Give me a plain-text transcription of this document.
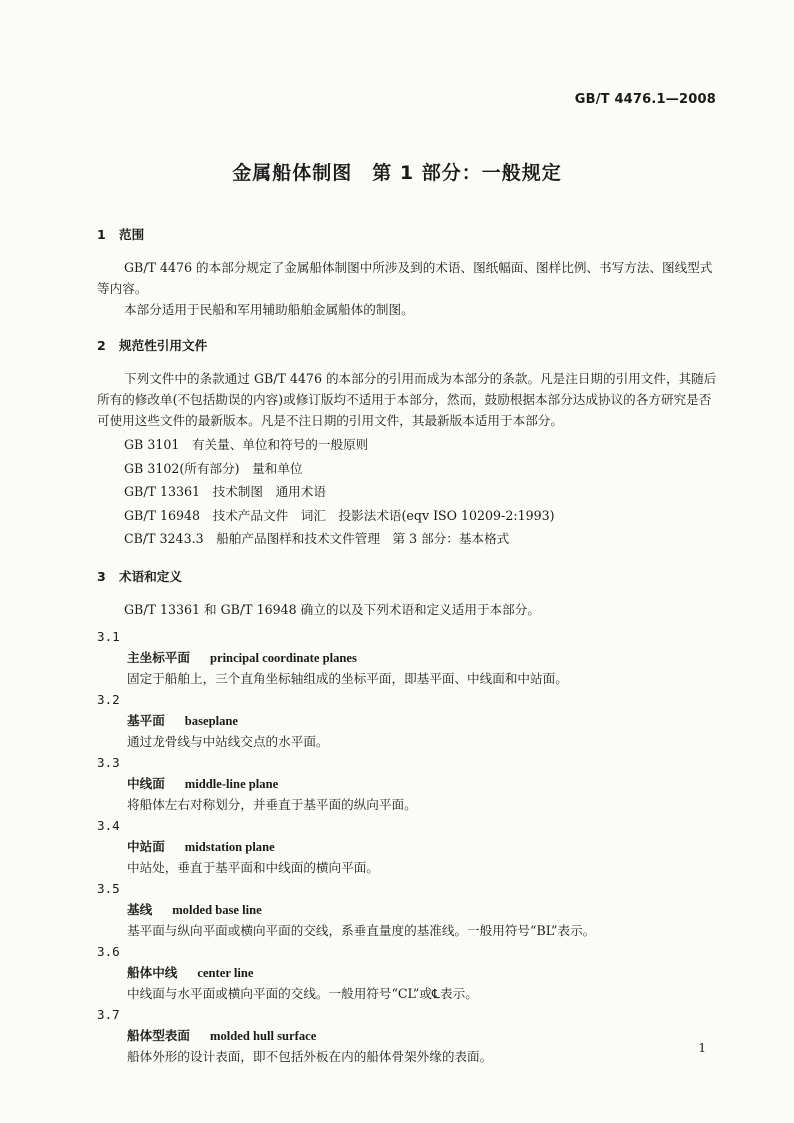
GB/T 4476.1—2008
金属船体制图　第 1 部分：一般规定
1 范围

GB/T 4476 的本部分规定了金属船体制图中所涉及到的术语、图纸幅面、图样比例、书写方法、图线型式等内容。

本部分适用于民船和军用辅助船舶金属船体的制图。

2 规范性引用文件

下列文件中的条款通过 GB/T 4476 的本部分的引用而成为本部分的条款。凡是注日期的引用文件，其随后所有的修改单(不包括勘误的内容)或修订版均不适用于本部分，然而，鼓励根据本部分达成协议的各方研究是否可使用这些文件的最新版本。凡是不注日期的引用文件，其最新版本适用于本部分。

GB 3101　有关量、单位和符号的一般原则
GB 3102(所有部分)　量和单位
GB/T 13361　技术制图　通用术语
GB/T 16948　技术产品文件　词汇　投影法术语(eqv ISO 10209-2:1993)
CB/T 3243.3　船舶产品图样和技术文件管理　第 3 部分：基本格式
3 术语和定义

GB/T 13361 和 GB/T 16948 确立的以及下列术语和定义适用于本部分。

3.1
主坐标平面 principal coordinate planes
固定于船舶上，三个直角坐标轴组成的坐标平面，即基平面、中线面和中站面。
3.2
基平面 baseplane
通过龙骨线与中站线交点的水平面。
3.3
中线面 middle-line plane
将船体左右对称划分，并垂直于基平面的纵向平面。
3.4
中站面 midstation plane
中站处，垂直于基平面和中线面的横向平面。
3.5
基线 molded base line
基平面与纵向平面或横向平面的交线，系垂直量度的基准线。一般用符号“BL”表示。
3.6
船体中线 center line
中线面与水平面或横向平面的交线。一般用符号“CL”或℄表示。
3.7
船体型表面 molded hull surface
船体外形的设计表面，即不包括外板在内的船体骨架外缘的表面。
1
